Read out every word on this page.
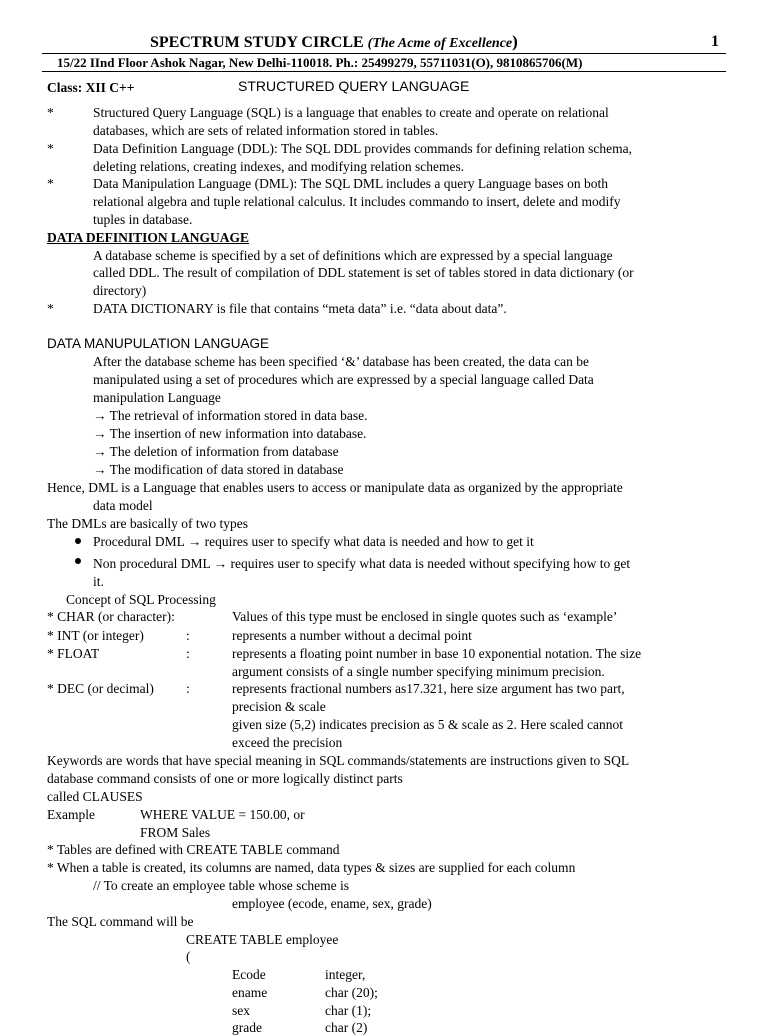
SPECTRUM STUDY CIRCLE (The Acme of Excellence)	1
15/22 IInd Floor Ashok Nagar, New Delhi-110018. Ph.: 25499279, 55711031(O), 9810865706(M)
Class: XII C++	STRUCTURED QUERY LANGUAGE
*	Structured Query Language (SQL) is a language that enables to create and operate on relational
databases, which are sets of related information stored in tables.
*	Data Definition Language (DDL): The SQL DDL provides commands for defining relation schema,
deleting relations, creating indexes, and modifying relation schemes.
*	Data Manipulation Language (DML): The SQL DML includes a query Language bases on both
relational algebra and tuple relational calculus. It includes commando to insert, delete and modify
tuples in database.
DATA DEFINITION LANGUAGE
A database scheme is specified by a set of definitions which are expressed by a special language
called DDL. The result of compilation of DDL statement is set of tables stored in data dictionary (or
directory)
*	DATA DICTIONARY is file that contains “meta data” i.e. “data about data”.
DATA MANUPULATION LANGUAGE
After the database scheme has been specified ‘&’ database has been created, the data can be
manipulated using a set of procedures which are expressed by a special language called Data
manipulation Language
→ The retrieval of information stored in data base.
→ The insertion of new information into database.
→ The deletion of information from database
→ The modification of data stored in database
Hence, DML is a Language that enables users to access or manipulate data as organized by the appropriate
data model
The DMLs are basically of two types
Procedural DML → requires user to specify what data is needed and how to get it
Non procedural DML → requires user to specify what data is needed without specifying how to get
it.
Concept of SQL Processing
* CHAR (or character):	Values of this type must be enclosed in single quotes such as ‘example’
* INT (or integer)	:	represents a number without a decimal point
* FLOAT	:	represents a floating point number in base 10 exponential notation. The size
argument consists of a single number specifying minimum precision.
* DEC (or decimal) :	represents fractional numbers as17.321, here size argument has two part,
precision & scale
given size (5,2) indicates precision as 5 & scale as 2. Here scaled cannot
exceed the precision
Keywords are words that have special meaning in SQL commands/statements are instructions given to SQL
database command consists of one or more logically distinct parts
called CLAUSES
Example	WHERE VALUE = 150.00, or
FROM Sales
* Tables are defined with CREATE TABLE command
* When a table is created, its columns are named, data types & sizes are supplied for each column
// To create an employee table whose scheme is
employee (ecode, ename, sex, grade)
The SQL command will be
CREATE TABLE employee
(
Ecode	integer,
ename	char (20);
sex	char (1);
grade	char (2)
